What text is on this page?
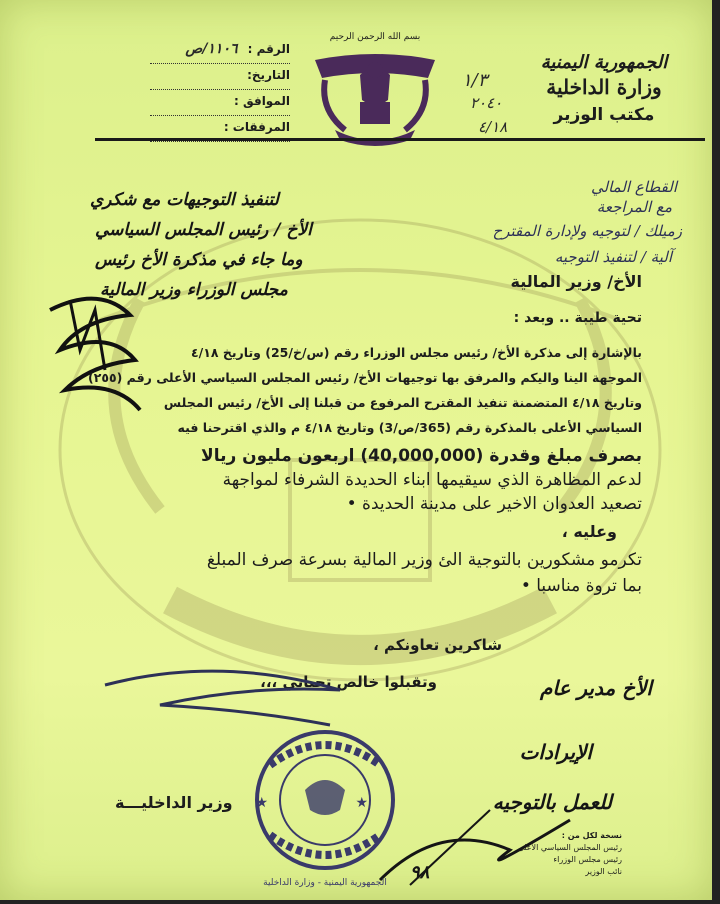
الجمهورية اليمنية
وزارة الداخلية
مكتب الوزير
١/٣
٢٠٤٠
٤/١٨
بسم الله الرحمن الرحيم
الرقم : ١١٠٦/ص
التاريخ:
الموافق :
المرفقات :
لتنفيذ التوجيهات مع شكري
الأخ / رئيس المجلس السياسي
وما جاء في مذكرة الأخ رئيس
مجلس الوزراء وزير المالية
القطاع المالي
مع المراجعة
زميلك / لتوجيه ولإدارة المقترح
آلية / لتنفيذ التوجيه
الأخ/ وزير المالية
تحية طيبة .. وبعد :
بالإشارة إلى مذكرة الأخ/ رئيس مجلس الوزراء رقم (س/خ/25) وتاريخ ٤/١٨
الموجهة الينا واليكم والمرفق بها توجيهات الأخ/ رئيس المجلس السياسي الأعلى رقم (٢٥٥)
وتاريخ ٤/١٨ المتضمنة تنفيذ المقترح المرفوع من قبلنا إلى الأخ/ رئيس المجلس
السياسي الأعلى بالمذكرة رقم (365/ص/3) وتاريخ ٤/١٨ م والذي اقترحنا فيه
بصرف مبلغ وقدرة (40,000,000) اربعون مليون ريالا
لدعم المظاهرة الذي سيقيمها ابناء الحديدة الشرفاء لمواجهة
تصعيد العدوان الاخير على مدينة الحديدة •
وعليه ،
تكرمو مشكورين بالتوجية الئ وزير المالية بسرعة صرف المبلغ
بما تروة مناسبا •
شاكرين تعاونكم ،
وتقبلوا خالص تحياتي ،،،	الأخ مدير عام
الإيرادات
للعمل بالتوجيه
٩٨
★	★
الجمهورية اليمنية - وزارة الداخلية
وزير الداخليـــة
نسخة لكل من :
رئيس المجلس السياسي الأعلى
رئيس مجلس الوزراء
نائب الوزير
